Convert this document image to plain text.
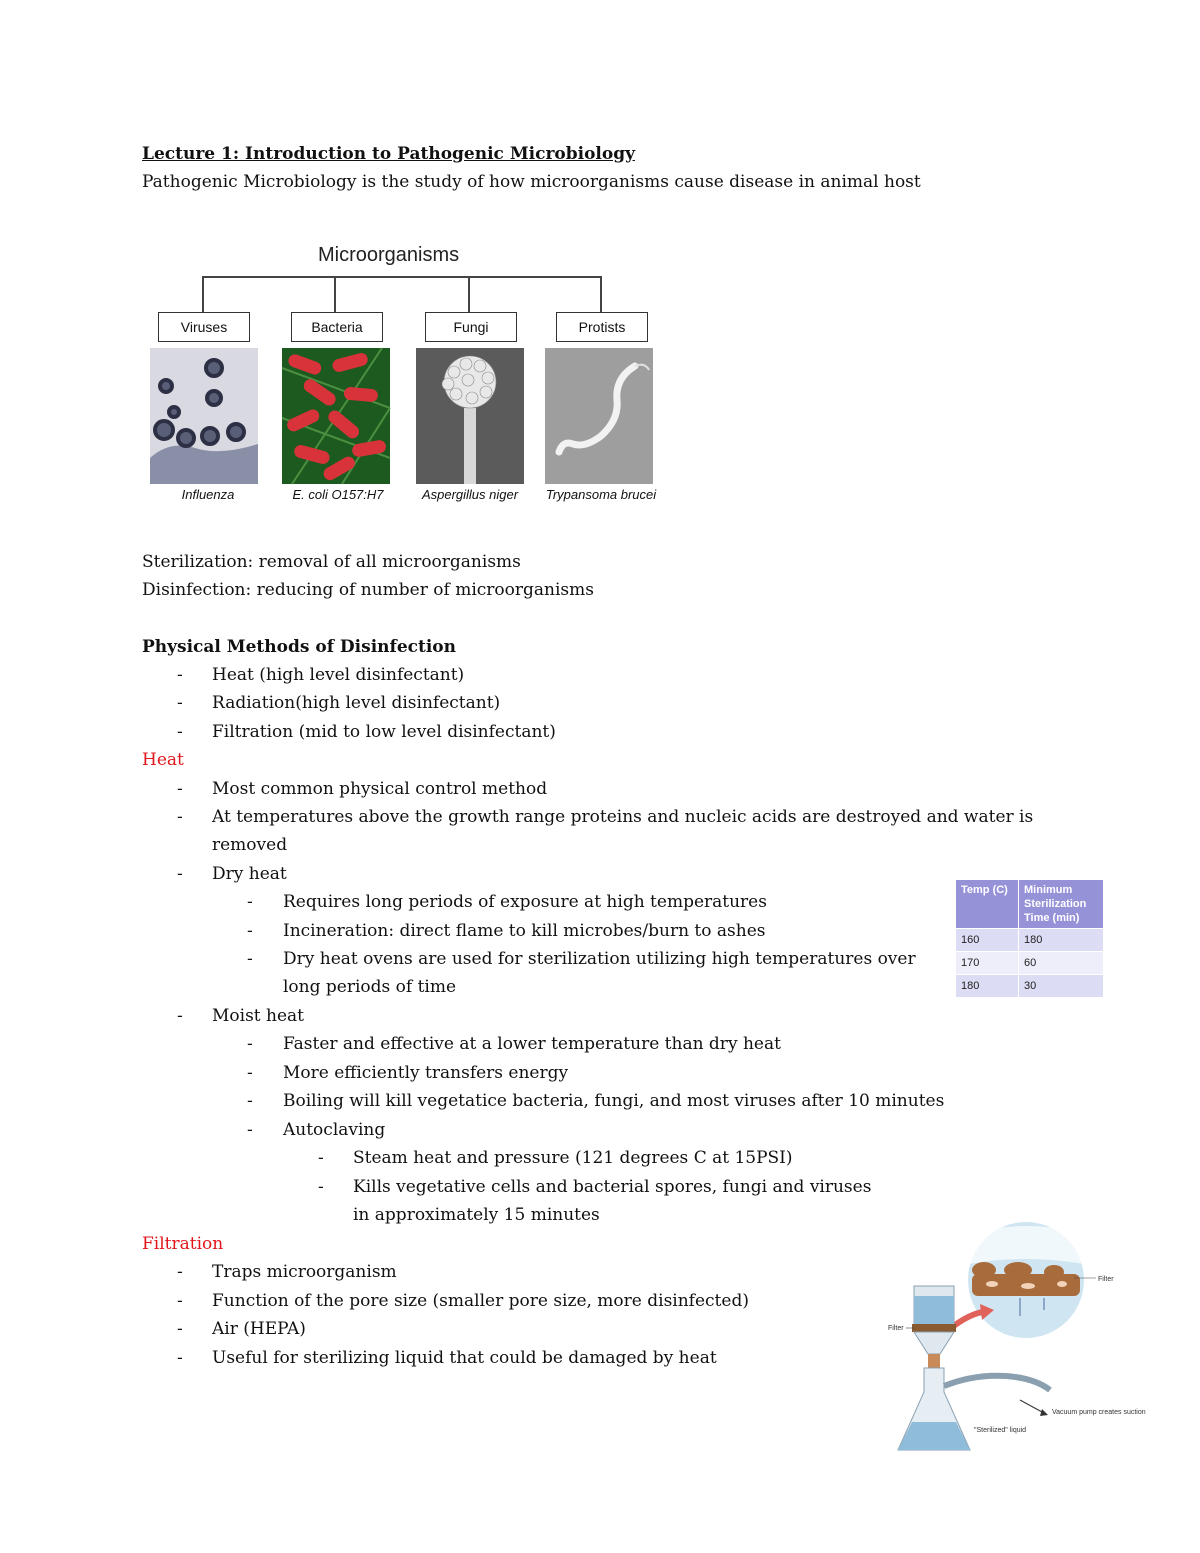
Lecture 1: Introduction to Pathogenic Microbiology
Pathogenic Microbiology is the study of how microorganisms cause disease in animal host
Microorganisms
Viruses	Bacteria	Fungi	Protists
Influenza	E. coli O157:H7	Aspergillus niger	Trypansoma brucei
Sterilization: removal of all microorganisms
Disinfection: reducing of number of microorganisms
Physical Methods of Disinfection
- Heat (high level disinfectant)
- Radiation(high level disinfectant)
- Filtration (mid to low level disinfectant)
Heat
- Most common physical control method
- At temperatures above the growth range proteins and nucleic acids are destroyed and water is
removed
- Dry heat
- Requires long periods of exposure at high temperatures
- Incineration: direct flame to kill microbes/burn to ashes
- Dry heat ovens are used for sterilization utilizing high temperatures over
long periods of time
- Moist heat
- Faster and effective at a lower temperature than dry heat
- More efficiently transfers energy
- Boiling will kill vegetatice bacteria, fungi, and most viruses after 10 minutes
- Autoclaving
- Steam heat and pressure (121 degrees C at 15PSI)
- Kills vegetative cells and bacterial spores, fungi and viruses
in approximately 15 minutes
Temp (C)	Minimum Sterilization Time (min)
160	180
170	60
180	30
Filtration
- Traps microorganism
- Function of the pore size (smaller pore size, more disinfected)
- Air (HEPA)
- Useful for sterilizing liquid that could be damaged by heat
Filter
Filter
"Sterilized" liquid
Vacuum pump creates suction
